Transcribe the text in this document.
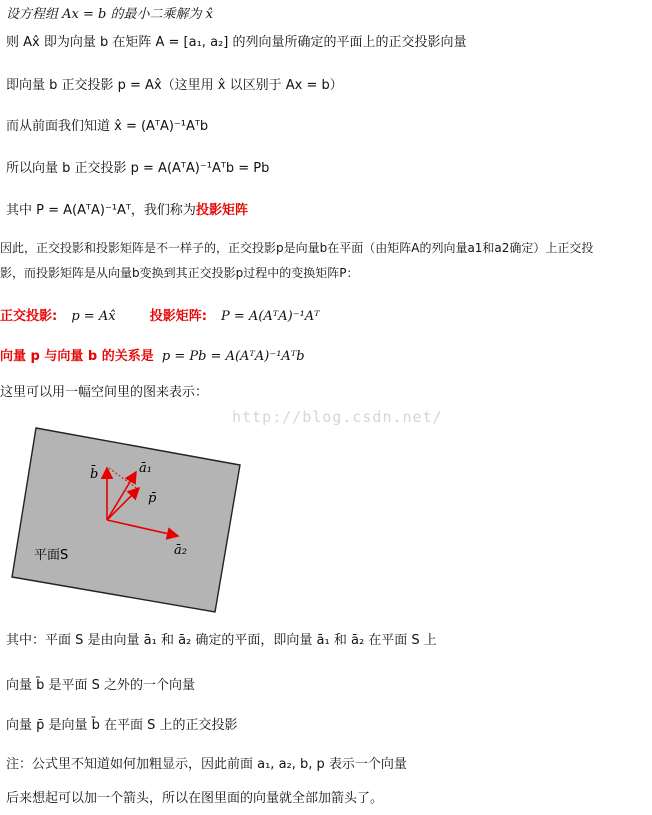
设方程组 Ax = b 的最小二乘解为 x̂
则 Ax̂ 即为向量 b 在矩阵 A = [a₁, a₂] 的列向量所确定的平面上的正交投影向量
即向量 b 正交投影 p = Ax̂（这里用 x̂ 以区别于 Ax = b）
而从前面我们知道 x̂ = (AᵀA)⁻¹Aᵀb
所以向量 b 正交投影 p = A(AᵀA)⁻¹Aᵀb = Pb
其中 P = A(AᵀA)⁻¹Aᵀ，我们称为投影矩阵
因此，正交投影和投影矩阵是不一样子的，正交投影p是向量b在平面（由矩阵A的列向量a1和a2确定）上正交投
影，而投影矩阵是从向量b变换到其正交投影p过程中的变换矩阵P：
正交投影: p = Ax̂	投影矩阵: P = A(AᵀA)⁻¹Aᵀ
向量 p 与向量 b 的关系是 p = Pb = A(AᵀA)⁻¹Aᵀb
这里可以用一幅空间里的图来表示：
http://blog.csdn.net/
b̄	ā₁
p̄
ā₂
平面S
其中：平面 S 是由向量 ā₁ 和 ā₂ 确定的平面，即向量 ā₁ 和 ā₂ 在平面 S 上
向量 b̄ 是平面 S 之外的一个向量
向量 p̄ 是向量 b̄ 在平面 S 上的正交投影
注：公式里不知道如何加粗显示，因此前面 a₁, a₂, b, p 表示一个向量
后来想起可以加一个箭头，所以在图里面的向量就全部加箭头了。
